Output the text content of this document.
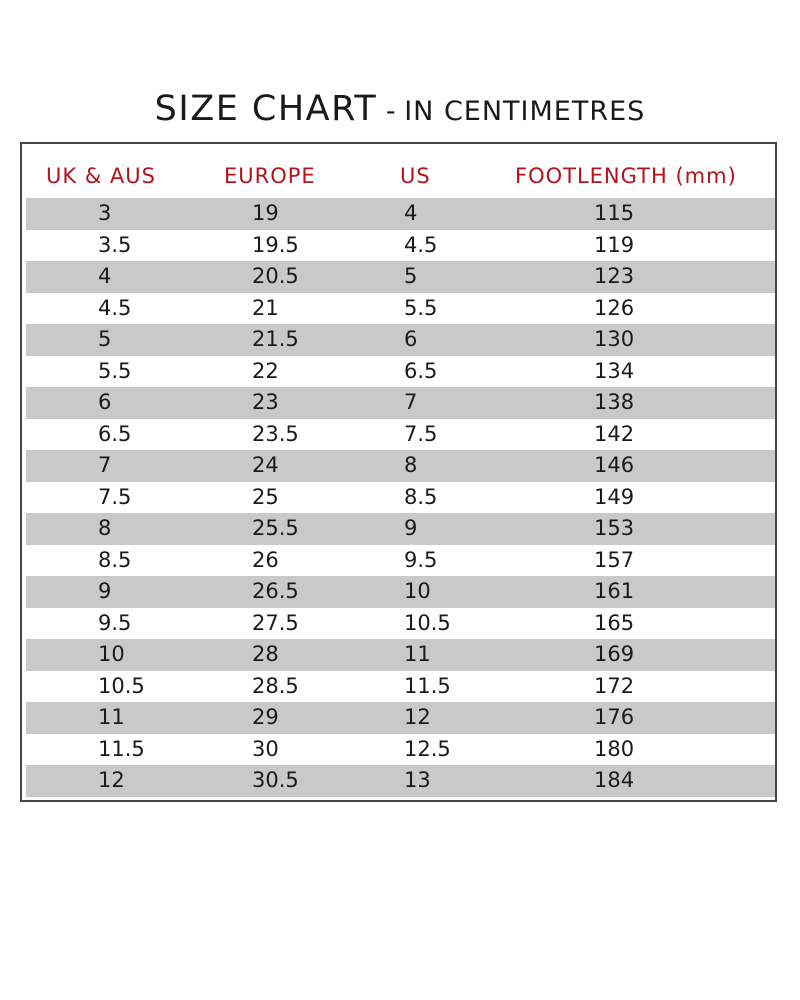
SIZE CHART - IN CENTIMETRES
UK & AUS	EUROPE	US	FOOTLENGTH (mm)
3	19	4	115
3.5	19.5	4.5	119
4	20.5	5	123
4.5	21	5.5	126
5	21.5	6	130
5.5	22	6.5	134
6	23	7	138
6.5	23.5	7.5	142
7	24	8	146
7.5	25	8.5	149
8	25.5	9	153
8.5	26	9.5	157
9	26.5	10	161
9.5	27.5	10.5	165
10	28	11	169
10.5	28.5	11.5	172
11	29	12	176
11.5	30	12.5	180
12	30.5	13	184
